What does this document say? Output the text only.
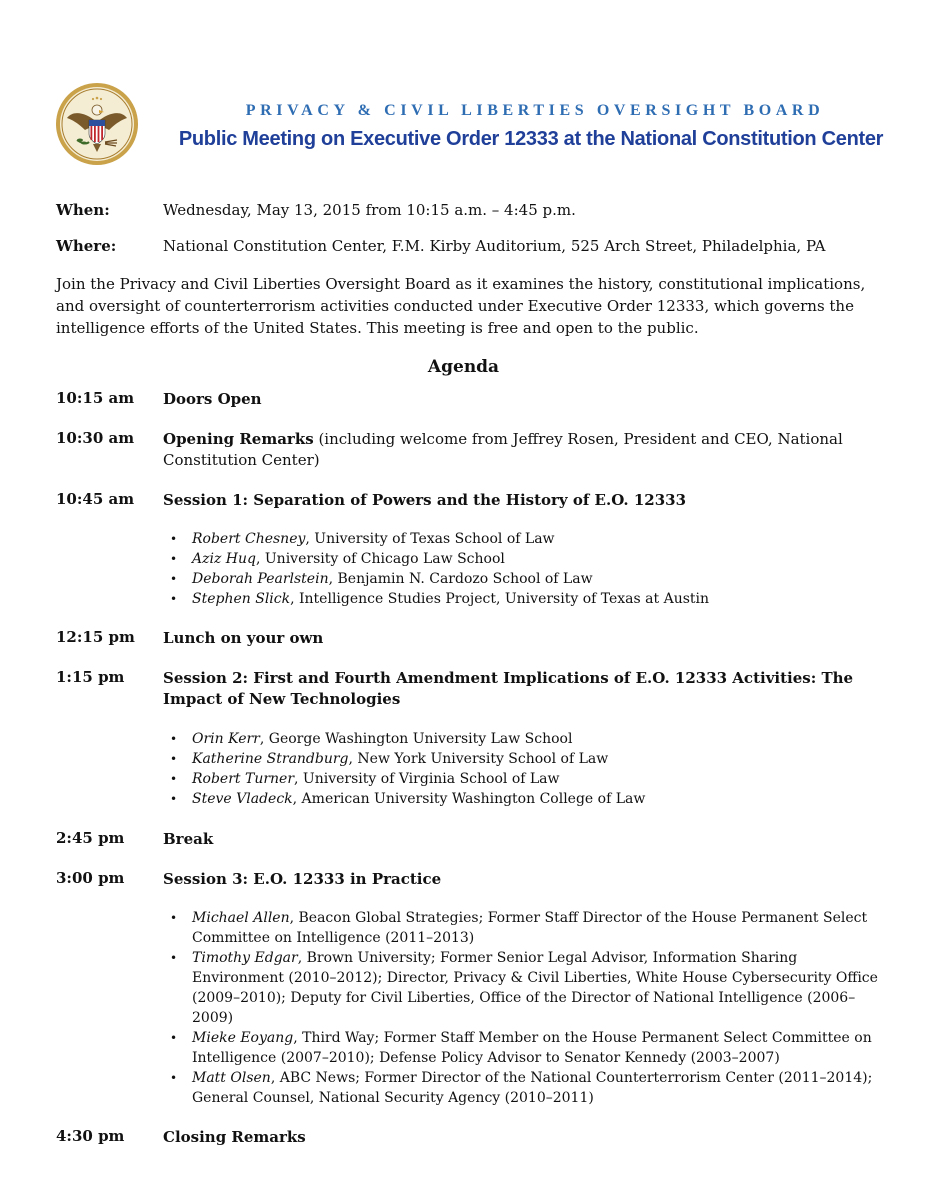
PRIVACY & CIVIL LIBERTIES OVERSIGHT BOARD
Public Meeting on Executive Order 12333 at the National Constitution Center
When:	Wednesday, May 13, 2015 from 10:15 a.m. – 4:45 p.m.
Where:	National Constitution Center, F.M. Kirby Auditorium, 525 Arch Street, Philadelphia, PA
Join the Privacy and Civil Liberties Oversight Board as it examines the history, constitutional implications, and oversight of counterterrorism activities conducted under Executive Order 12333, which governs the intelligence efforts of the United States. This meeting is free and open to the public.
Agenda
10:15 am Doors Open
10:30 am Opening Remarks (including welcome from Jeffrey Rosen, President and CEO, National Constitution Center)
10:45 am Session 1: Separation of Powers and the History of E.O. 12333
• Robert Chesney, University of Texas School of Law
• Aziz Huq, University of Chicago Law School
• Deborah Pearlstein, Benjamin N. Cardozo School of Law
• Stephen Slick, Intelligence Studies Project, University of Texas at Austin
12:15 pm Lunch on your own
1:15 pm	Session 2: First and Fourth Amendment Implications of E.O. 12333 Activities: The Impact of New Technologies
• Orin Kerr, George Washington University Law School
• Katherine Strandburg, New York University School of Law
• Robert Turner, University of Virginia School of Law
• Steve Vladeck, American University Washington College of Law
2:45 pm	Break
3:00 pm	Session 3: E.O. 12333 in Practice
• Michael Allen, Beacon Global Strategies; Former Staff Director of the House Permanent Select Committee on Intelligence (2011–2013)
• Timothy Edgar, Brown University; Former Senior Legal Advisor, Information Sharing Environment (2010–2012); Director, Privacy & Civil Liberties, White House Cybersecurity Office (2009–2010); Deputy for Civil Liberties, Office of the Director of National Intelligence (2006–2009)
• Mieke Eoyang, Third Way; Former Staff Member on the House Permanent Select Committee on Intelligence (2007–2010); Defense Policy Advisor to Senator Kennedy (2003–2007)
• Matt Olsen, ABC News; Former Director of the National Counterterrorism Center (2011–2014); General Counsel, National Security Agency (2010–2011)
4:30 pm	Closing Remarks
